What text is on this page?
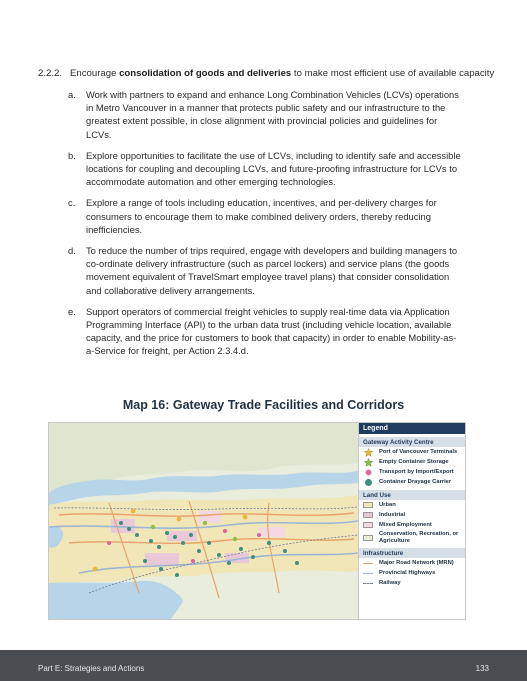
2.2.2. Encourage consolidation of goods and deliveries to make most efficient use of available capacity
a. Work with partners to expand and enhance Long Combination Vehicles (LCVs) operations in Metro Vancouver in a manner that protects public safety and our infrastructure to the greatest extent possible, in close alignment with provincial policies and guidelines for LCVs.
b. Explore opportunities to facilitate the use of LCVs, including to identify safe and accessible locations for coupling and decoupling LCVs, and future-proofing infrastructure for LCVs to accommodate automation and other emerging technologies.
c. Explore a range of tools including education, incentives, and per-delivery charges for consumers to encourage them to make combined delivery orders, thereby reducing inefficiencies.
d. To reduce the number of trips required, engage with developers and building managers to co-ordinate delivery infrastructure (such as parcel lockers) and service plans (the goods movement equivalent of TravelSmart employee travel plans) that consider consolidation and collaborative delivery arrangements.
e. Support operators of commercial freight vehicles to supply real-time data via Application Programming Interface (API) to the urban data trust (including vehicle location, available capacity, and the price for customers to book that capacity) in order to enable Mobility-as-a-Service for freight, per Action 2.3.4.d.
Map 16: Gateway Trade Facilities and Corridors
Legend
Gateway Activity Centre
Port of Vancouver Terminals
Empty Container Storage
Transport by Import/Export
Container Drayage Carrier
Land Use
Urban
Industrial
Mixed Employment
Conservation, Recreation, or Agriculture
Infrastructure
Major Road Network (MRN)
Provincial Highways
Railway
Part E: Strategies and Actions	133
